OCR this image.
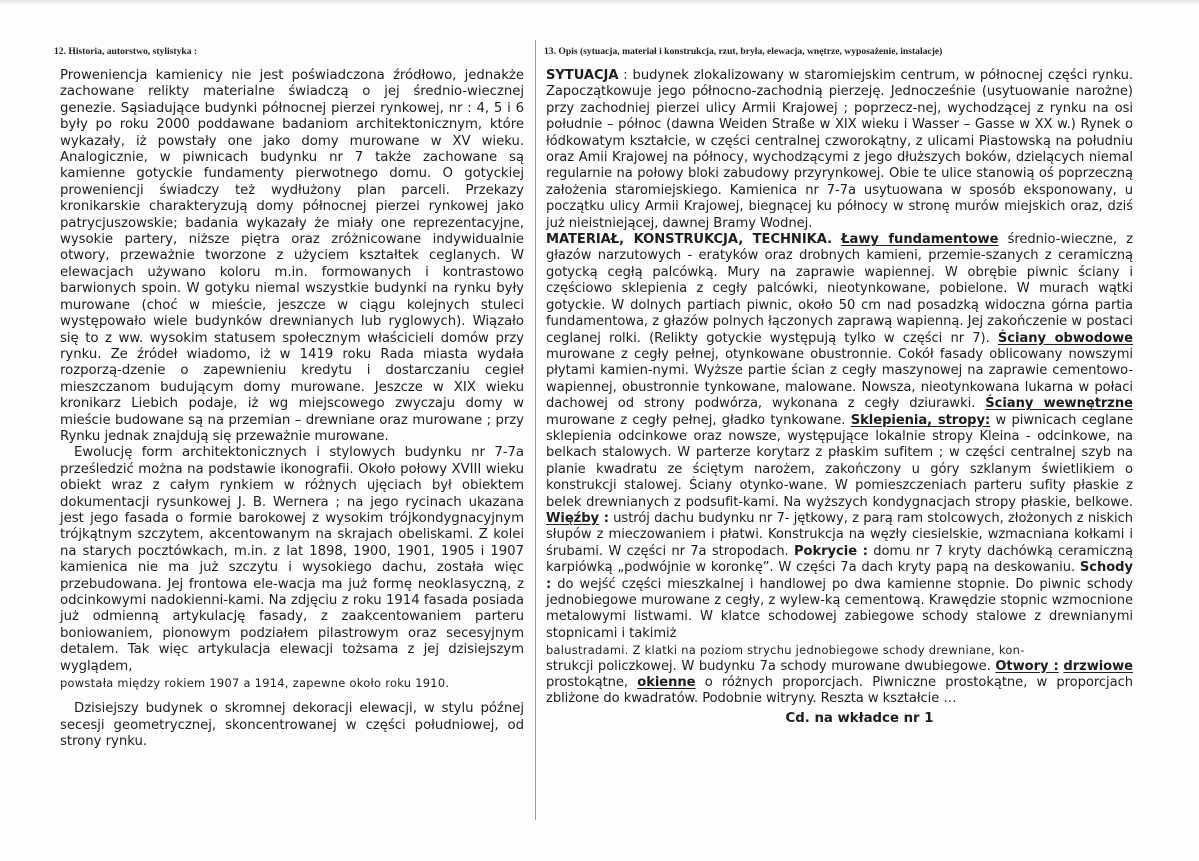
12. Historia, autorstwo, stylistyka :

Proweniencja kamienicy nie jest poświadczona źródłowo, jednakże zachowane relikty materialne świadczą o jej średnio-wiecznej genezie. Sąsiadujące budynki północnej pierzei rynkowej, nr : 4, 5 i 6 były po roku 2000 poddawane badaniom architektonicznym, które wykazały, iż powstały one jako domy murowane w XV wieku. Analogicznie, w piwnicach budynku nr 7 także zachowane są kamienne gotyckie fundamenty pierwotnego domu. O gotyckiej proweniencji świadczy też wydłużony plan parceli. Przekazy kronikarskie charakteryzują domy północnej pierzei rynkowej jako patrycjuszowskie; badania wykazały że miały one reprezentacyjne, wysokie partery, niższe piętra oraz zróżnicowane indywidualnie otwory, przeważnie tworzone z użyciem kształtek ceglanych. W elewacjach używano koloru m.in. formowanych i kontrastowo barwionych spoin. W gotyku niemal wszystkie budynki na rynku były murowane (choć w mieście, jeszcze w ciągu kolejnych stuleci występowało wiele budynków drewnianych lub ryglowych). Wiązało się to z ww. wysokim statusem społecznym właścicieli domów przy rynku. Ze źródeł wiadomo, iż w 1419 roku Rada miasta wydała rozporzą-dzenie o zapewnieniu kredytu i dostarczaniu cegieł mieszczanom budującym domy murowane. Jeszcze w XIX wieku kronikarz Liebich podaje, iż wg miejscowego zwyczaju domy w mieście budowane są na przemian – drewniane oraz murowane ; przy Rynku jednak znajdują się przeważnie murowane.

Ewolucję form architektonicznych i stylowych budynku nr 7-7a prześledzić można na podstawie ikonografii. Około połowy XVIII wieku obiekt wraz z całym rynkiem w różnych ujęciach był obiektem dokumentacji rysunkowej J. B. Wernera ; na jego rycinach ukazana jest jego fasada o formie barokowej z wysokim trójkondygnacyjnym trójkątnym szczytem, akcentowanym na skrajach obeliskami. Z kolei na starych pocztówkach, m.in. z lat 1898, 1900, 1901, 1905 i 1907 kamienica nie ma już szczytu i wysokiego dachu, została więc przebudowana. Jej frontowa ele-wacja ma już formę neoklasyczną, z odcinkowymi nadokienni-kami. Na zdjęciu z roku 1914 fasada posiada już odmienną artykulację fasady, z zaakcentowaniem parteru boniowaniem, pionowym podziałem pilastrowym oraz secesyjnym detalem. Tak więc artykulacja elewacji tożsama z jej dzisiejszym wyglądem,

powstała między rokiem 1907 a 1914, zapewne około roku 1910.

Dzisiejszy budynek o skromnej dekoracji elewacji, w stylu późnej secesji geometrycznej, skoncentrowanej w części południowej, od strony rynku.

13. Opis (sytuacja, materiał i konstrukcja, rzut, bryła, elewacja, wnętrze, wyposażenie, instalacje)

SYTUACJA : budynek zlokalizowany w staromiejskim centrum, w północnej części rynku. Zapoczątkowuje jego północno-zachodnią pierzeję. Jednocześnie (usytuowanie narożne) przy zachodniej pierzei ulicy Armii Krajowej ; poprzecz-nej, wychodzącej z rynku na osi południe – północ (dawna Weiden Straße w XIX wieku i Wasser – Gasse w XX w.) Rynek o łódkowatym kształcie, w części centralnej czworokątny, z ulicami Piastowską na południu oraz Amii Krajowej na północy, wychodzącymi z jego dłuższych boków, dzielących niemal regularnie na połowy bloki zabudowy przyrynkowej. Obie te ulice stanowią oś poprzeczną założenia staromiejskiego. Kamienica nr 7-7a usytuowana w sposób eksponowany, u początku ulicy Armii Krajowej, biegnącej ku północy w stronę murów miejskich oraz, dziś już nieistniejącej, dawnej Bramy Wodnej.

MATERIAŁ, KONSTRUKCJA, TECHNIKA. Ławy fundamentowe średnio-wieczne, z głazów narzutowych - eratyków oraz drobnych kamieni, przemie-szanych z ceramiczną gotycką cegłą palcówką. Mury na zaprawie wapiennej. W obrębie piwnic ściany i częściowo sklepienia z cegły palcówki, nieotynkowane, pobielone. W murach wątki gotyckie. W dolnych partiach piwnic, około 50 cm nad posadzką widoczna górna partia fundamentowa, z głazów polnych łączonych zaprawą wapienną. Jej zakończenie w postaci ceglanej rolki. (Relikty gotyckie występują tylko w części nr 7). Ściany obwodowe murowane z cegły pełnej, otynkowane obustronnie. Cokół fasady oblicowany nowszymi płytami kamien-nymi. Wyższe partie ścian z cegły maszynowej na zaprawie cementowo-wapiennej, obustronnie tynkowane, malowane. Nowsza, nieotynkowana lukarna w połaci dachowej od strony podwórza, wykonana z cegły dziurawki. Ściany wewnętrzne murowane z cegły pełnej, gładko tynkowane. Sklepienia, stropy: w piwnicach ceglane sklepienia odcinkowe oraz nowsze, występujące lokalnie stropy Kleina - odcinkowe, na belkach stalowych. W parterze korytarz z płaskim sufitem ; w części centralnej szyb na planie kwadratu ze ściętym narożem, zakończony u góry szklanym świetlikiem o konstrukcji stalowej. Ściany otynko-wane. W pomieszczeniach parteru sufity płaskie z belek drewnianych z podsufit-kami. Na wyższych kondygnacjach stropy płaskie, belkowe. Więźby : ustrój dachu budynku nr 7- jętkowy, z parą ram stolcowych, złożonych z niskich słupów z mieczowaniem i płatwi. Konstrukcja na węzły ciesielskie, wzmacniana kołkami i śrubami. W części nr 7a stropodach. Pokrycie : domu nr 7 kryty dachówką ceramiczną karpiówką „podwójnie w koronkę”. W części 7a dach kryty papą na deskowaniu. Schody : do wejść części mieszkalnej i handlowej po dwa kamienne stopnie. Do piwnic schody jednobiegowe murowane z cegły, z wylew-ką cementową. Krawędzie stopnic wzmocnione metalowymi listwami. W klatce schodowej zabiegowe schody stalowe z drewnianymi stopnicami i takimiż

balustradami. Z klatki na poziom strychu jednobiegowe schody drewniane, kon-

strukcji policzkowej. W budynku 7a schody murowane dwubiegowe. Otwory : drzwiowe prostokątne, okienne o różnych proporcjach. Piwniczne prostokątne, w proporcjach zbliżone do kwadratów. Podobnie witryny. Reszta w kształcie …

Cd. na wkładce nr 1
